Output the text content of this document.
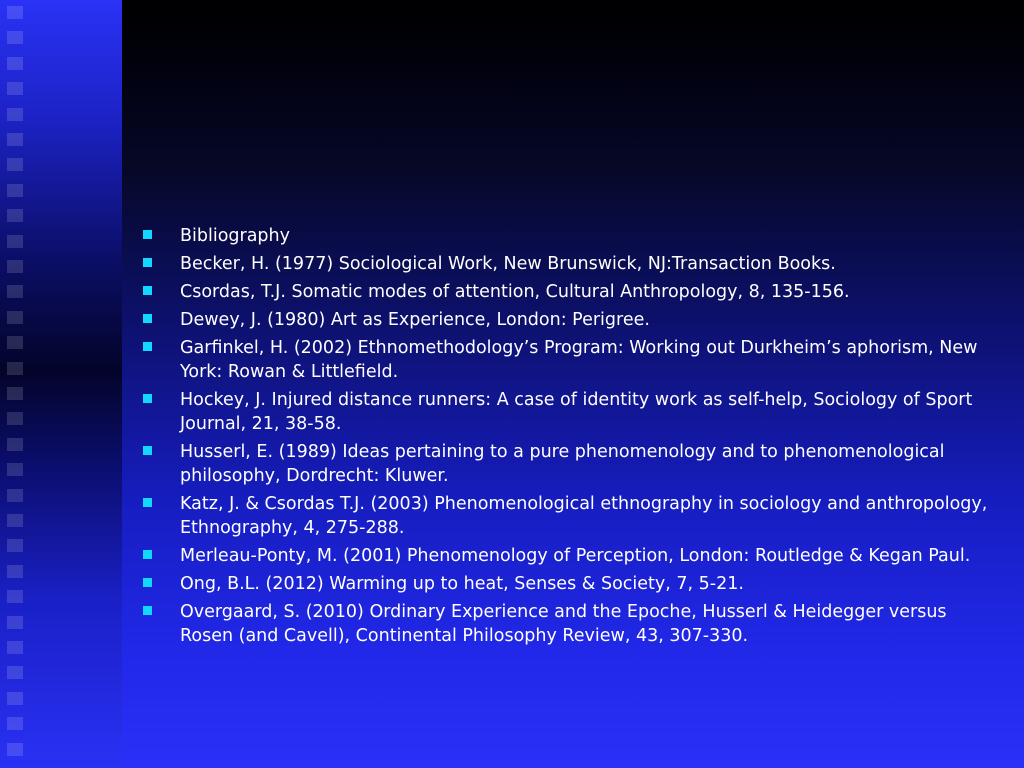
Bibliography
Becker, H. (1977) Sociological Work, New Brunswick, NJ:Transaction Books.
Csordas, T.J. Somatic modes of attention, Cultural Anthropology, 8, 135-156.
Dewey, J. (1980) Art as Experience, London: Perigree.
Garfinkel, H. (2002) Ethnomethodology’s Program: Working out Durkheim’s aphorism, New York: Rowan & Littlefield.
Hockey, J. Injured distance runners: A case of identity work as self-help, Sociology of Sport Journal, 21, 38-58.
Husserl, E. (1989) Ideas pertaining to a pure phenomenology and to phenomenological philosophy, Dordrecht: Kluwer.
Katz, J. & Csordas T.J. (2003) Phenomenological ethnography in sociology and anthropology, Ethnography, 4, 275-288.
Merleau-Ponty, M. (2001) Phenomenology of Perception, London: Routledge & Kegan Paul.
Ong, B.L. (2012) Warming up to heat, Senses & Society, 7, 5-21.
Overgaard, S. (2010) Ordinary Experience and the Epoche, Husserl & Heidegger versus Rosen (and Cavell), Continental Philosophy Review, 43, 307-330.
